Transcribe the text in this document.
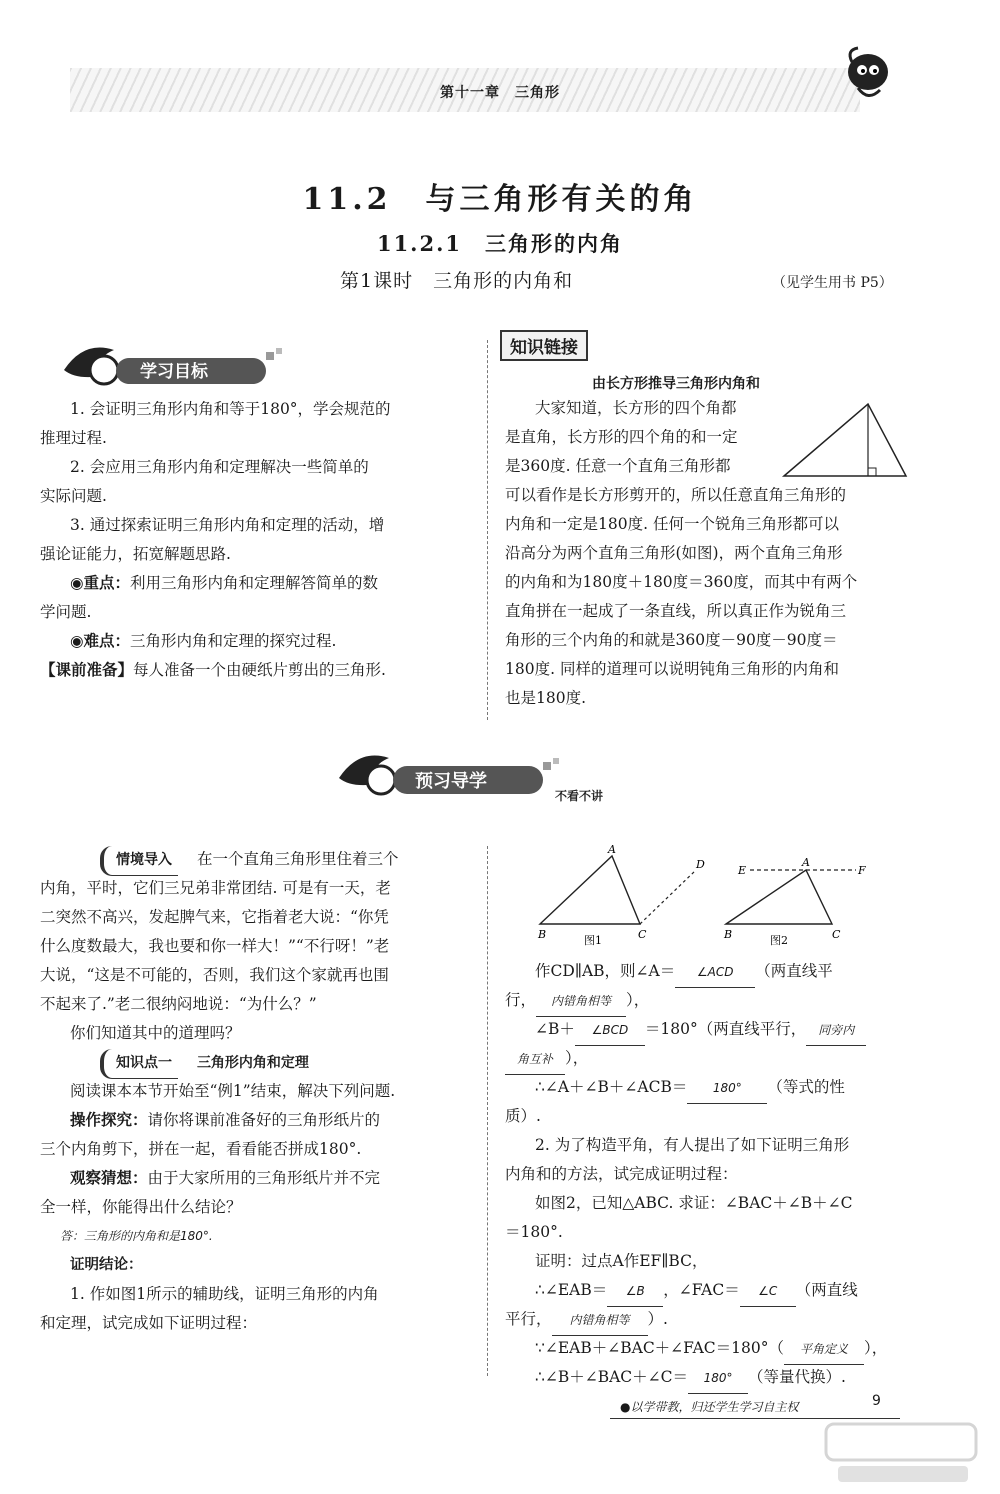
第十一章　三角形
11.2　与三角形有关的角
11.2.1　三角形的内角
第1课时　三角形的内角和	（见学生用书 P5）
学习目标
1. 会证明三角形内角和等于180°，学会规范的
推理过程.
2. 会应用三角形内角和定理解决一些简单的
实际问题.
3. 通过探索证明三角形内角和定理的活动，增
强论证能力，拓宽解题思路.
◉重点：利用三角形内角和定理解答简单的数
学问题.
◉难点：三角形内角和定理的探究过程.
【课前准备】每人准备一个由硬纸片剪出的三角形.
知识链接
由长方形推导三角形内角和
大家知道，长方形的四个角都
是直角，长方形的四个角的和一定
是360度. 任意一个直角三角形都
可以看作是长方形剪开的，所以任意直角三角形的
内角和一定是180度. 任何一个锐角三角形都可以
沿高分为两个直角三角形(如图)，两个直角三角形
的内角和为180度＋180度＝360度，而其中有两个
直角拼在一起成了一条直线，所以真正作为锐角三
角形的三个内角的和就是360度－90度－90度＝
180度. 同样的道理可以说明钝角三角形的内角和
也是180度.
预习导学
不看不讲
情境导入 在一个直角三角形里住着三个
内角，平时，它们三兄弟非常团结. 可是有一天，老
二突然不高兴，发起脾气来，它指着老大说：“你凭
什么度数最大，我也要和你一样大！”“不行呀！”老
大说，“这是不可能的，否则，我们这个家就再也围
不起来了.”老二很纳闷地说：“为什么？”
你们知道其中的道理吗？
知识点一 三角形内角和定理
阅读课本本节开始至“例1”结束，解决下列问题.
操作探究：请你将课前准备好的三角形纸片的
三个内角剪下，拼在一起，看看能否拼成180°.
观察猜想：由于大家所用的三角形纸片并不完
全一样，你能得出什么结论？
答：三角形的内角和是180°.
证明结论：
1. 作如图1所示的辅助线，证明三角形的内角
和定理，试完成如下证明过程：
A
B	C
D
图1
A
E	F
B	C
图2
作CD∥AB，则∠A＝ ∠ACD （两直线平
行， 内错角相等 ），
∠B＋ ∠BCD ＝180°（两直线平行， 同旁内
角互补 ），
∴∠A＋∠B＋∠ACB＝ 180° （等式的性
质）.
2. 为了构造平角，有人提出了如下证明三角形
内角和的方法，试完成证明过程：
如图2，已知△ABC. 求证：∠BAC＋∠B＋∠C
＝180°.
证明：过点A作EF∥BC，
∴∠EAB＝ ∠B ，∠FAC＝ ∠C （两直线
平行， 内错角相等 ）.
∵∠EAB＋∠BAC＋∠FAC＝180°（ 平角定义 ），
∴∠B＋∠BAC＋∠C＝ 180° （等量代换）.
●以学带教，归还学生学习自主权	9
